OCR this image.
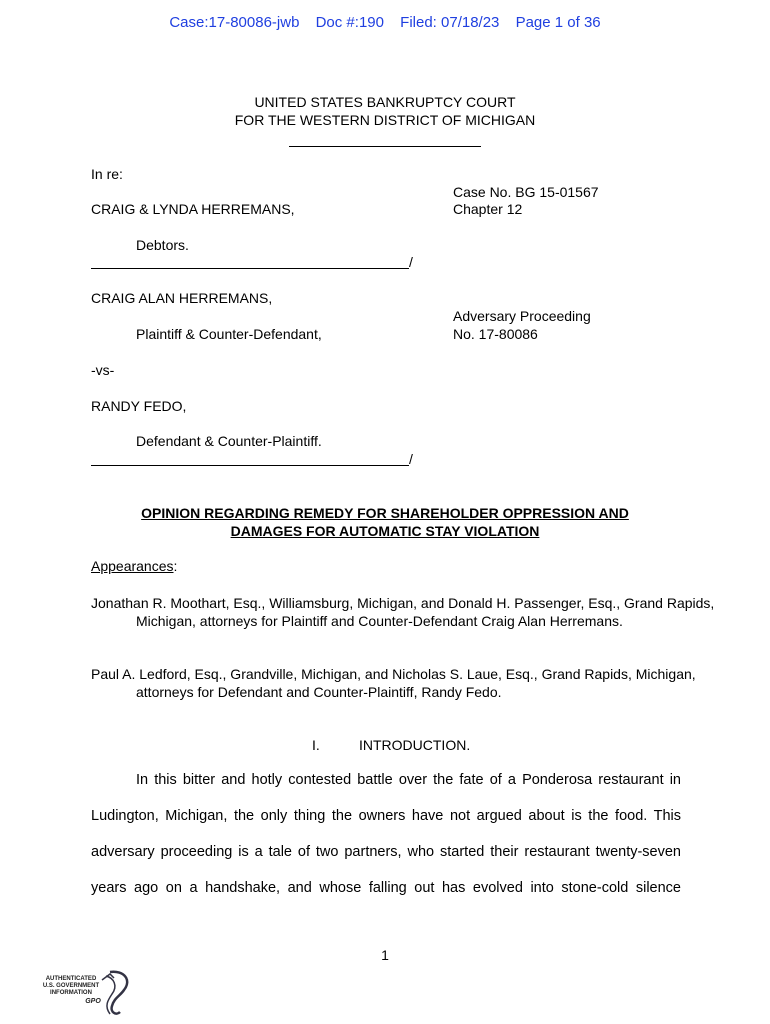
Case:17-80086-jwb Doc #:190 Filed: 07/18/23 Page 1 of 36
UNITED STATES BANKRUPTCY COURT
FOR THE WESTERN DISTRICT OF MICHIGAN
In re:
Case No. BG 15-01567
CRAIG & LYNDA HERREMANS,	Chapter 12
Debtors.
/
CRAIG ALAN HERREMANS,
Adversary Proceeding
Plaintiff & Counter-Defendant,	No. 17-80086
-vs-
RANDY FEDO,
Defendant & Counter-Plaintiff.
/
OPINION REGARDING REMEDY FOR SHAREHOLDER OPPRESSION AND
DAMAGES FOR AUTOMATIC STAY VIOLATION
Appearances:
Jonathan R. Moothart, Esq., Williamsburg, Michigan, and Donald H. Passenger, Esq., Grand Rapids, Michigan, attorneys for Plaintiff and Counter-Defendant Craig Alan Herremans.
Paul A. Ledford, Esq., Grandville, Michigan, and Nicholas S. Laue, Esq., Grand Rapids, Michigan, attorneys for Defendant and Counter-Plaintiff, Randy Fedo.
I.	INTRODUCTION.
In this bitter and hotly contested battle over the fate of a Ponderosa restaurant in
Ludington, Michigan, the only thing the owners have not argued about is the food. This
adversary proceeding is a tale of two partners, who started their restaurant twenty-seven
years ago on a handshake, and whose falling out has evolved into stone-cold silence
1
AUTHENTICATED
U.S. GOVERNMENT
INFORMATION
GPO
